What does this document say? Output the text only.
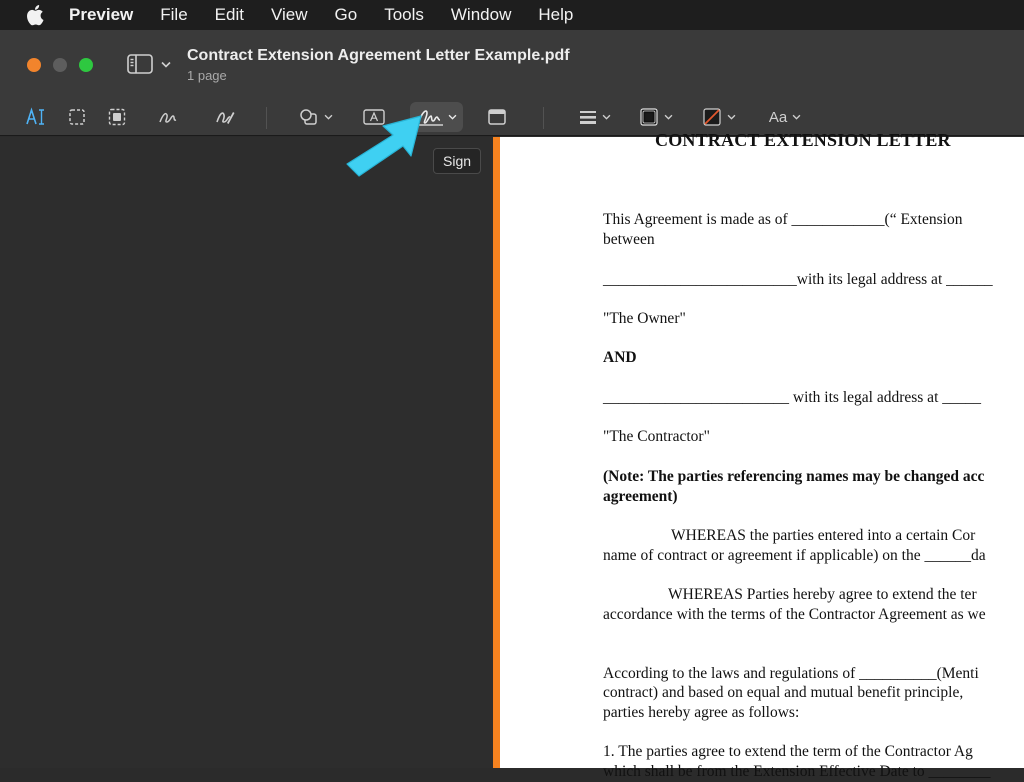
Preview File Edit View Go Tools Window Help
Contract Extension Agreement Letter Example.pdf
1 page
Aa
CONTRACT EXTENSION LETTER
This Agreement is made as of ____________(“ Extension
between
_________________________with its legal address at ______
"The Owner"
AND
________________________ with its legal address at _____
"The Contractor"
(Note: The parties referencing names may be changed acc
agreement)
WHEREAS the parties entered into a certain Cor
name of contract or agreement if applicable) on the ______da
WHEREAS Parties hereby agree to extend the ter
accordance with the terms of the Contractor Agreement as we
According to the laws and regulations of __________(Menti
contract) and based on equal and mutual benefit principle,
parties hereby agree as follows:
1. The parties agree to extend the term of the Contractor Ag
which shall be from the Extension Effective Date to ________
Sign
